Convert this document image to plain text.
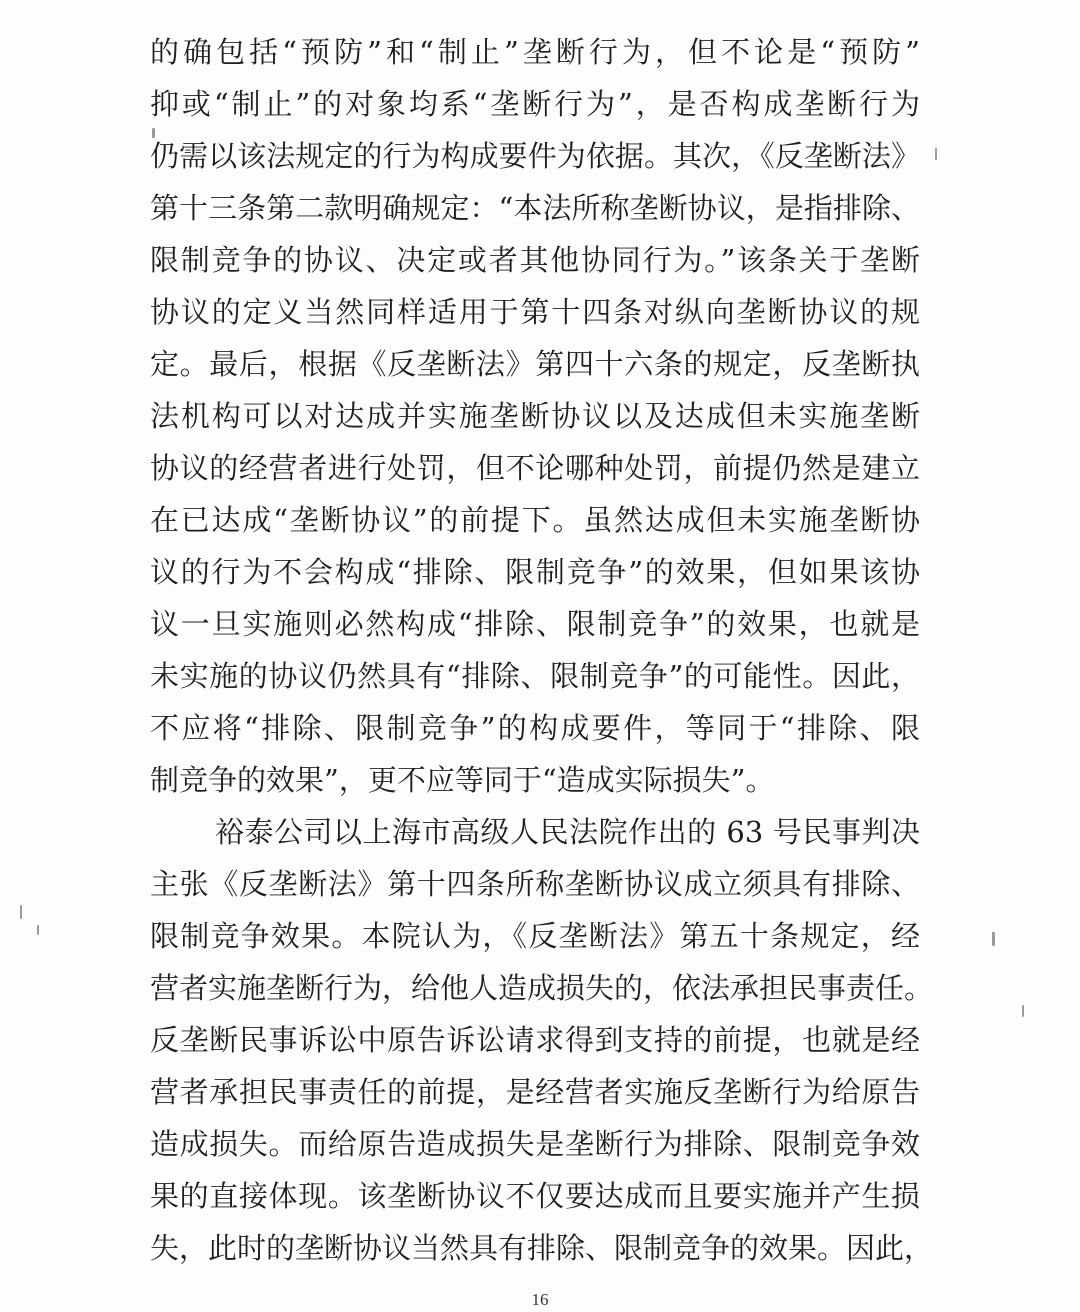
的确包括“预防”和“制止”垄断行为，但不论是“预防”
抑或“制止”的对象均系“垄断行为”，是否构成垄断行为
仍需以该法规定的行为构成要件为依据。其次，《反垄断法》
第十三条第二款明确规定：“本法所称垄断协议，是指排除、
限制竞争的协议、决定或者其他协同行为。”该条关于垄断
协议的定义当然同样适用于第十四条对纵向垄断协议的规
定。最后，根据《反垄断法》第四十六条的规定，反垄断执
法机构可以对达成并实施垄断协议以及达成但未实施垄断
协议的经营者进行处罚，但不论哪种处罚，前提仍然是建立
在已达成“垄断协议”的前提下。虽然达成但未实施垄断协
议的行为不会构成“排除、限制竞争”的效果，但如果该协
议一旦实施则必然构成“排除、限制竞争”的效果，也就是
未实施的协议仍然具有“排除、限制竞争”的可能性。因此，
不应将“排除、限制竞争”的构成要件，等同于“排除、限
制竞争的效果”，更不应等同于“造成实际损失”。
裕泰公司以上海市高级人民法院作出的 63 号民事判决
主张《反垄断法》第十四条所称垄断协议成立须具有排除、
限制竞争效果。本院认为，《反垄断法》第五十条规定，经
营者实施垄断行为，给他人造成损失的，依法承担民事责任。
反垄断民事诉讼中原告诉讼请求得到支持的前提，也就是经
营者承担民事责任的前提，是经营者实施反垄断行为给原告
造成损失。而给原告造成损失是垄断行为排除、限制竞争效
果的直接体现。该垄断协议不仅要达成而且要实施并产生损
失，此时的垄断协议当然具有排除、限制竞争的效果。因此，
16
